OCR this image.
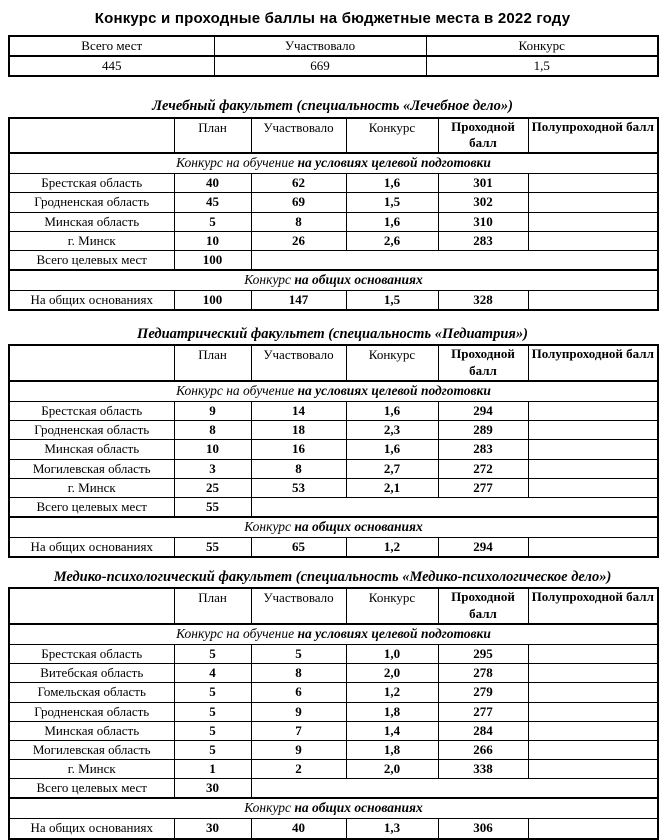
Конкурс и проходные баллы на бюджетные места в 2022 году
Всего мест	Участвовало	Конкурс
445	669	1,5
Лечебный факультет (специальность «Лечебное дело»)
	План	Участвовало	Конкурс	Проходной балл	Полупроходной балл
Конкурс на обучение на условиях целевой подготовки					
Брестская область	40	62	1,6	301	
Гродненская область	45	69	1,5	302	
Минская область	5	8	1,6	310	
г. Минск	10	26	2,6	283	
Всего целевых мест	100				
Конкурс на общих основаниях					
На общих основаниях	100	147	1,5	328	
Педиатрический факультет (специальность «Педиатрия»)
	План	Участвовало	Конкурс	Проходной балл	Полупроходной балл
Конкурс на обучение на условиях целевой подготовки					
Брестская область	9	14	1,6	294	
Гродненская область	8	18	2,3	289	
Минская область	10	16	1,6	283	
Могилевская область	3	8	2,7	272	
г. Минск	25	53	2,1	277	
Всего целевых мест	55				
Конкурс на общих основаниях					
На общих основаниях	55	65	1,2	294	
Медико-психологический факультет (специальность «Медико-психологическое дело»)
	План	Участвовало	Конкурс	Проходной балл	Полупроходной балл
Конкурс на обучение на условиях целевой подготовки					
Брестская область	5	5	1,0	295	
Витебская область	4	8	2,0	278	
Гомельская область	5	6	1,2	279	
Гродненская область	5	9	1,8	277	
Минская область	5	7	1,4	284	
Могилевская область	5	9	1,8	266	
г. Минск	1	2	2,0	338	
Всего целевых мест	30				
Конкурс на общих основаниях					
На общих основаниях	30	40	1,3	306	
